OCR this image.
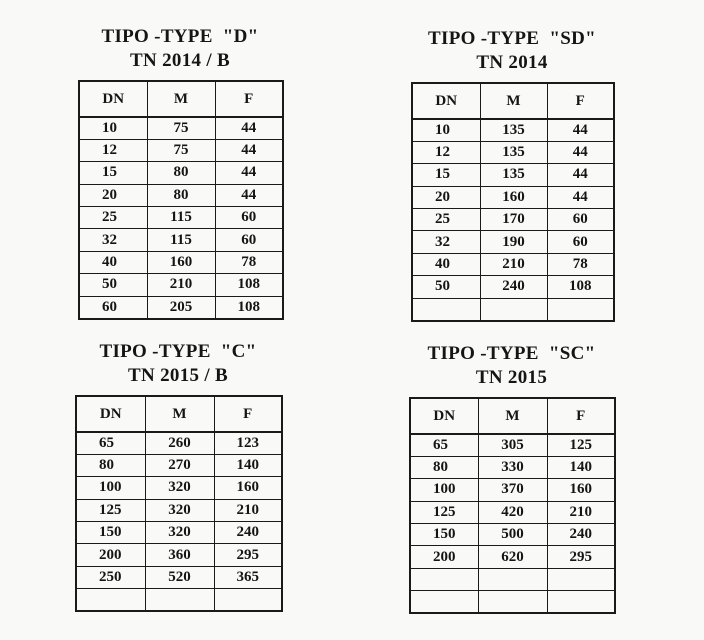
TIPO -TYPE  "D"
TN 2014 / B
DN	M	F
10	75	44
12	75	44
15	80	44
20	80	44
25	115	60
32	115	60
40	160	78
50	210	108
60	205	108
TIPO -TYPE  "SD"
TN 2014
DN	M	F
10	135	44
12	135	44
15	135	44
20	160	44
25	170	60
32	190	60
40	210	78
50	240	108

TIPO -TYPE  "C"
TN 2015 / B
DN	M	F
65	260	123
80	270	140
100	320	160
125	320	210
150	320	240
200	360	295
250	520	365

TIPO -TYPE  "SC"
TN 2015
DN	M	F
65	305	125
80	330	140
100	370	160
125	420	210
150	500	240
200	620	295
